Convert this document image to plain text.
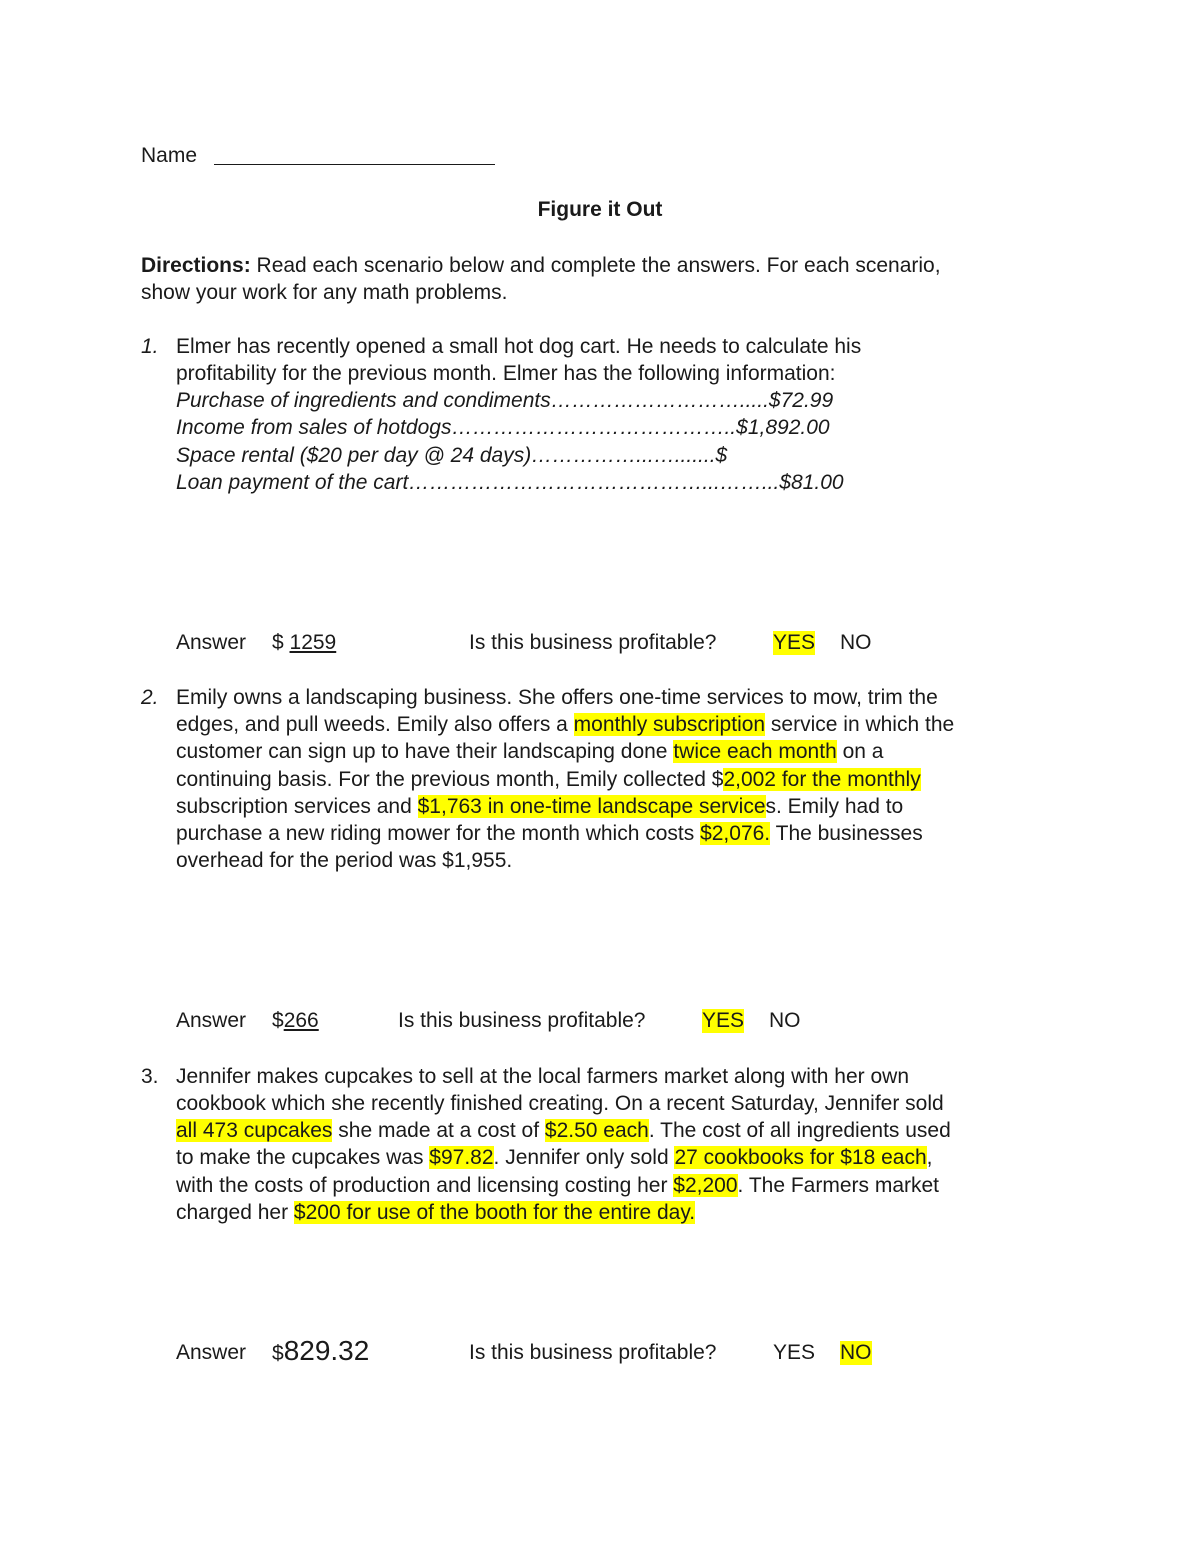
Name
Figure it Out
Directions: Read each scenario below and complete the answers. For each scenario,
show your work for any math problems.
1. Elmer has recently opened a small hot dog cart. He needs to calculate his
profitability for the previous month. Elmer has the following information:
Purchase of ingredients and condiments……………………….....$72.99
Income from sales of hotdogs…………………………………..$1,892.00
Space rental ($20 per day @ 24 days)……………...….......$
Loan payment of the cart……………………………………...……...$81.00
Answer $ 1259	Is this business profitable?	YES NO
2. Emily owns a landscaping business. She offers one-time services to mow, trim the
edges, and pull weeds. Emily also offers a monthly subscription service in which the
customer can sign up to have their landscaping done twice each month on a
continuing basis. For the previous month, Emily collected $2,002 for the monthly
subscription services and $1,763 in one-time landscape services. Emily had to
purchase a new riding mower for the month which costs $2,076. The businesses
overhead for the period was $1,955.
Answer $266	Is this business profitable?	YES NO
3. Jennifer makes cupcakes to sell at the local farmers market along with her own
cookbook which she recently finished creating. On a recent Saturday, Jennifer sold
all 473 cupcakes she made at a cost of $2.50 each. The cost of all ingredients used
to make the cupcakes was $97.82. Jennifer only sold 27 cookbooks for $18 each,
with the costs of production and licensing costing her $2,200. The Farmers market
charged her $200 for use of the booth for the entire day.
Answer $829.32	Is this business profitable?	YES NO
